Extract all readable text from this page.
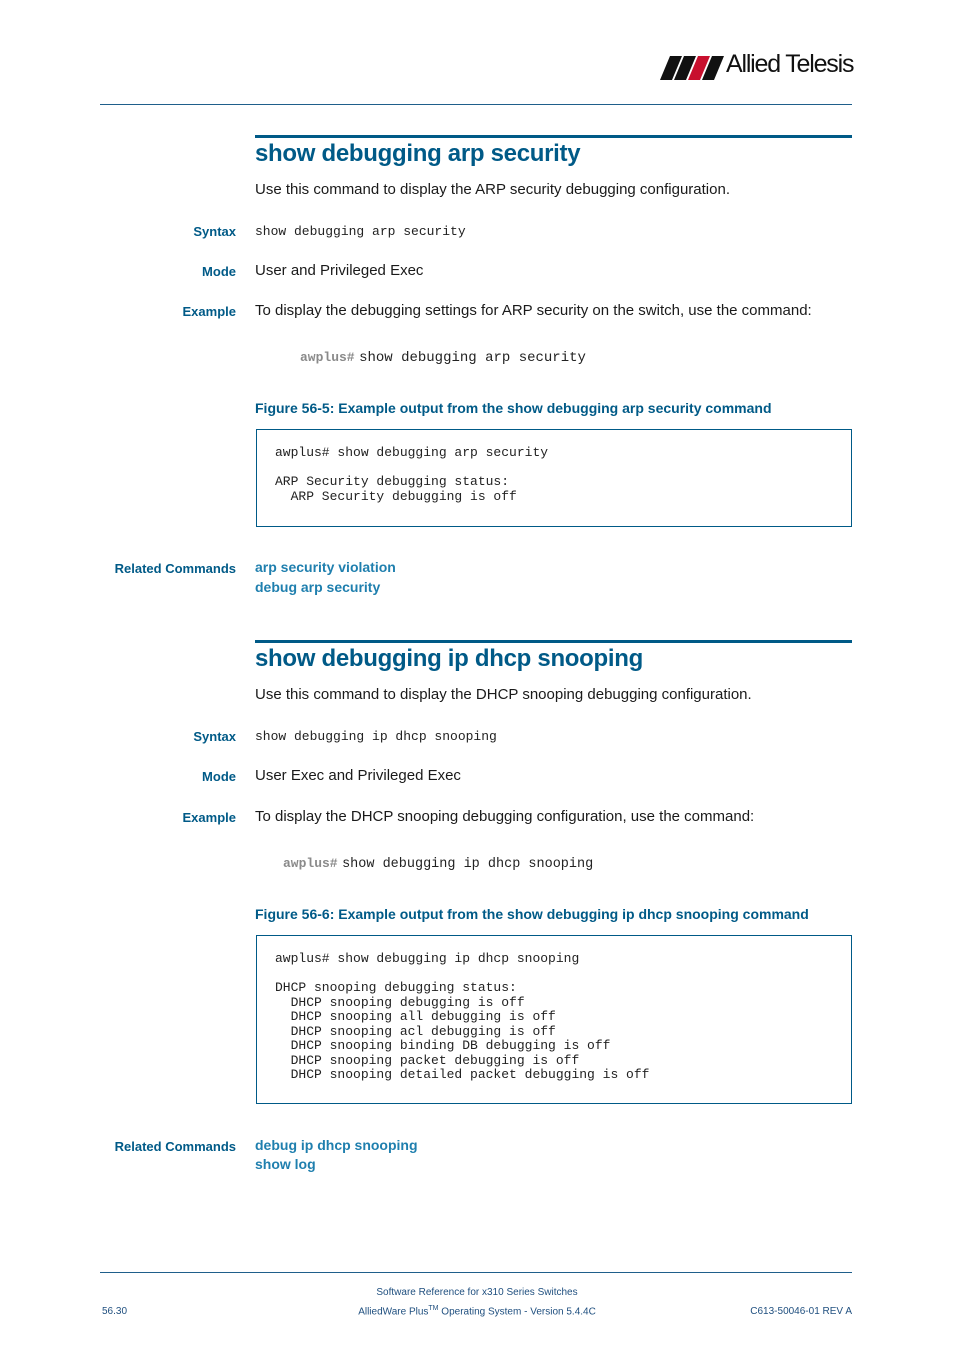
Allied Telesis
show debugging arp security
Use this command to display the ARP security debugging configuration.
Syntax show debugging arp security
Mode User and Privileged Exec
Example To display the debugging settings for ARP security on the switch, use the command:
awplus# show debugging arp security
Figure 56-5: Example output from the show debugging arp security command
awplus# show debugging arp security

ARP Security debugging status:
ARP Security debugging is off
Related Commands arp security violation
debug arp security
show debugging ip dhcp snooping
Use this command to display the DHCP snooping debugging configuration.
Syntax show debugging ip dhcp snooping
Mode User Exec and Privileged Exec
Example To display the DHCP snooping debugging configuration, use the command:
awplus# show debugging ip dhcp snooping
Figure 56-6: Example output from the show debugging ip dhcp snooping command
awplus# show debugging ip dhcp snooping

DHCP snooping debugging status:
DHCP snooping debugging is off
DHCP snooping all debugging is off
DHCP snooping acl debugging is off
DHCP snooping binding DB debugging is off
DHCP snooping packet debugging is off
DHCP snooping detailed packet debugging is off
Related Commands debug ip dhcp snooping
show log
Software Reference for x310 Series Switches
AlliedWare Plus™ Operating System - Version 5.4.4C
56.30	C613-50046-01 REV A
